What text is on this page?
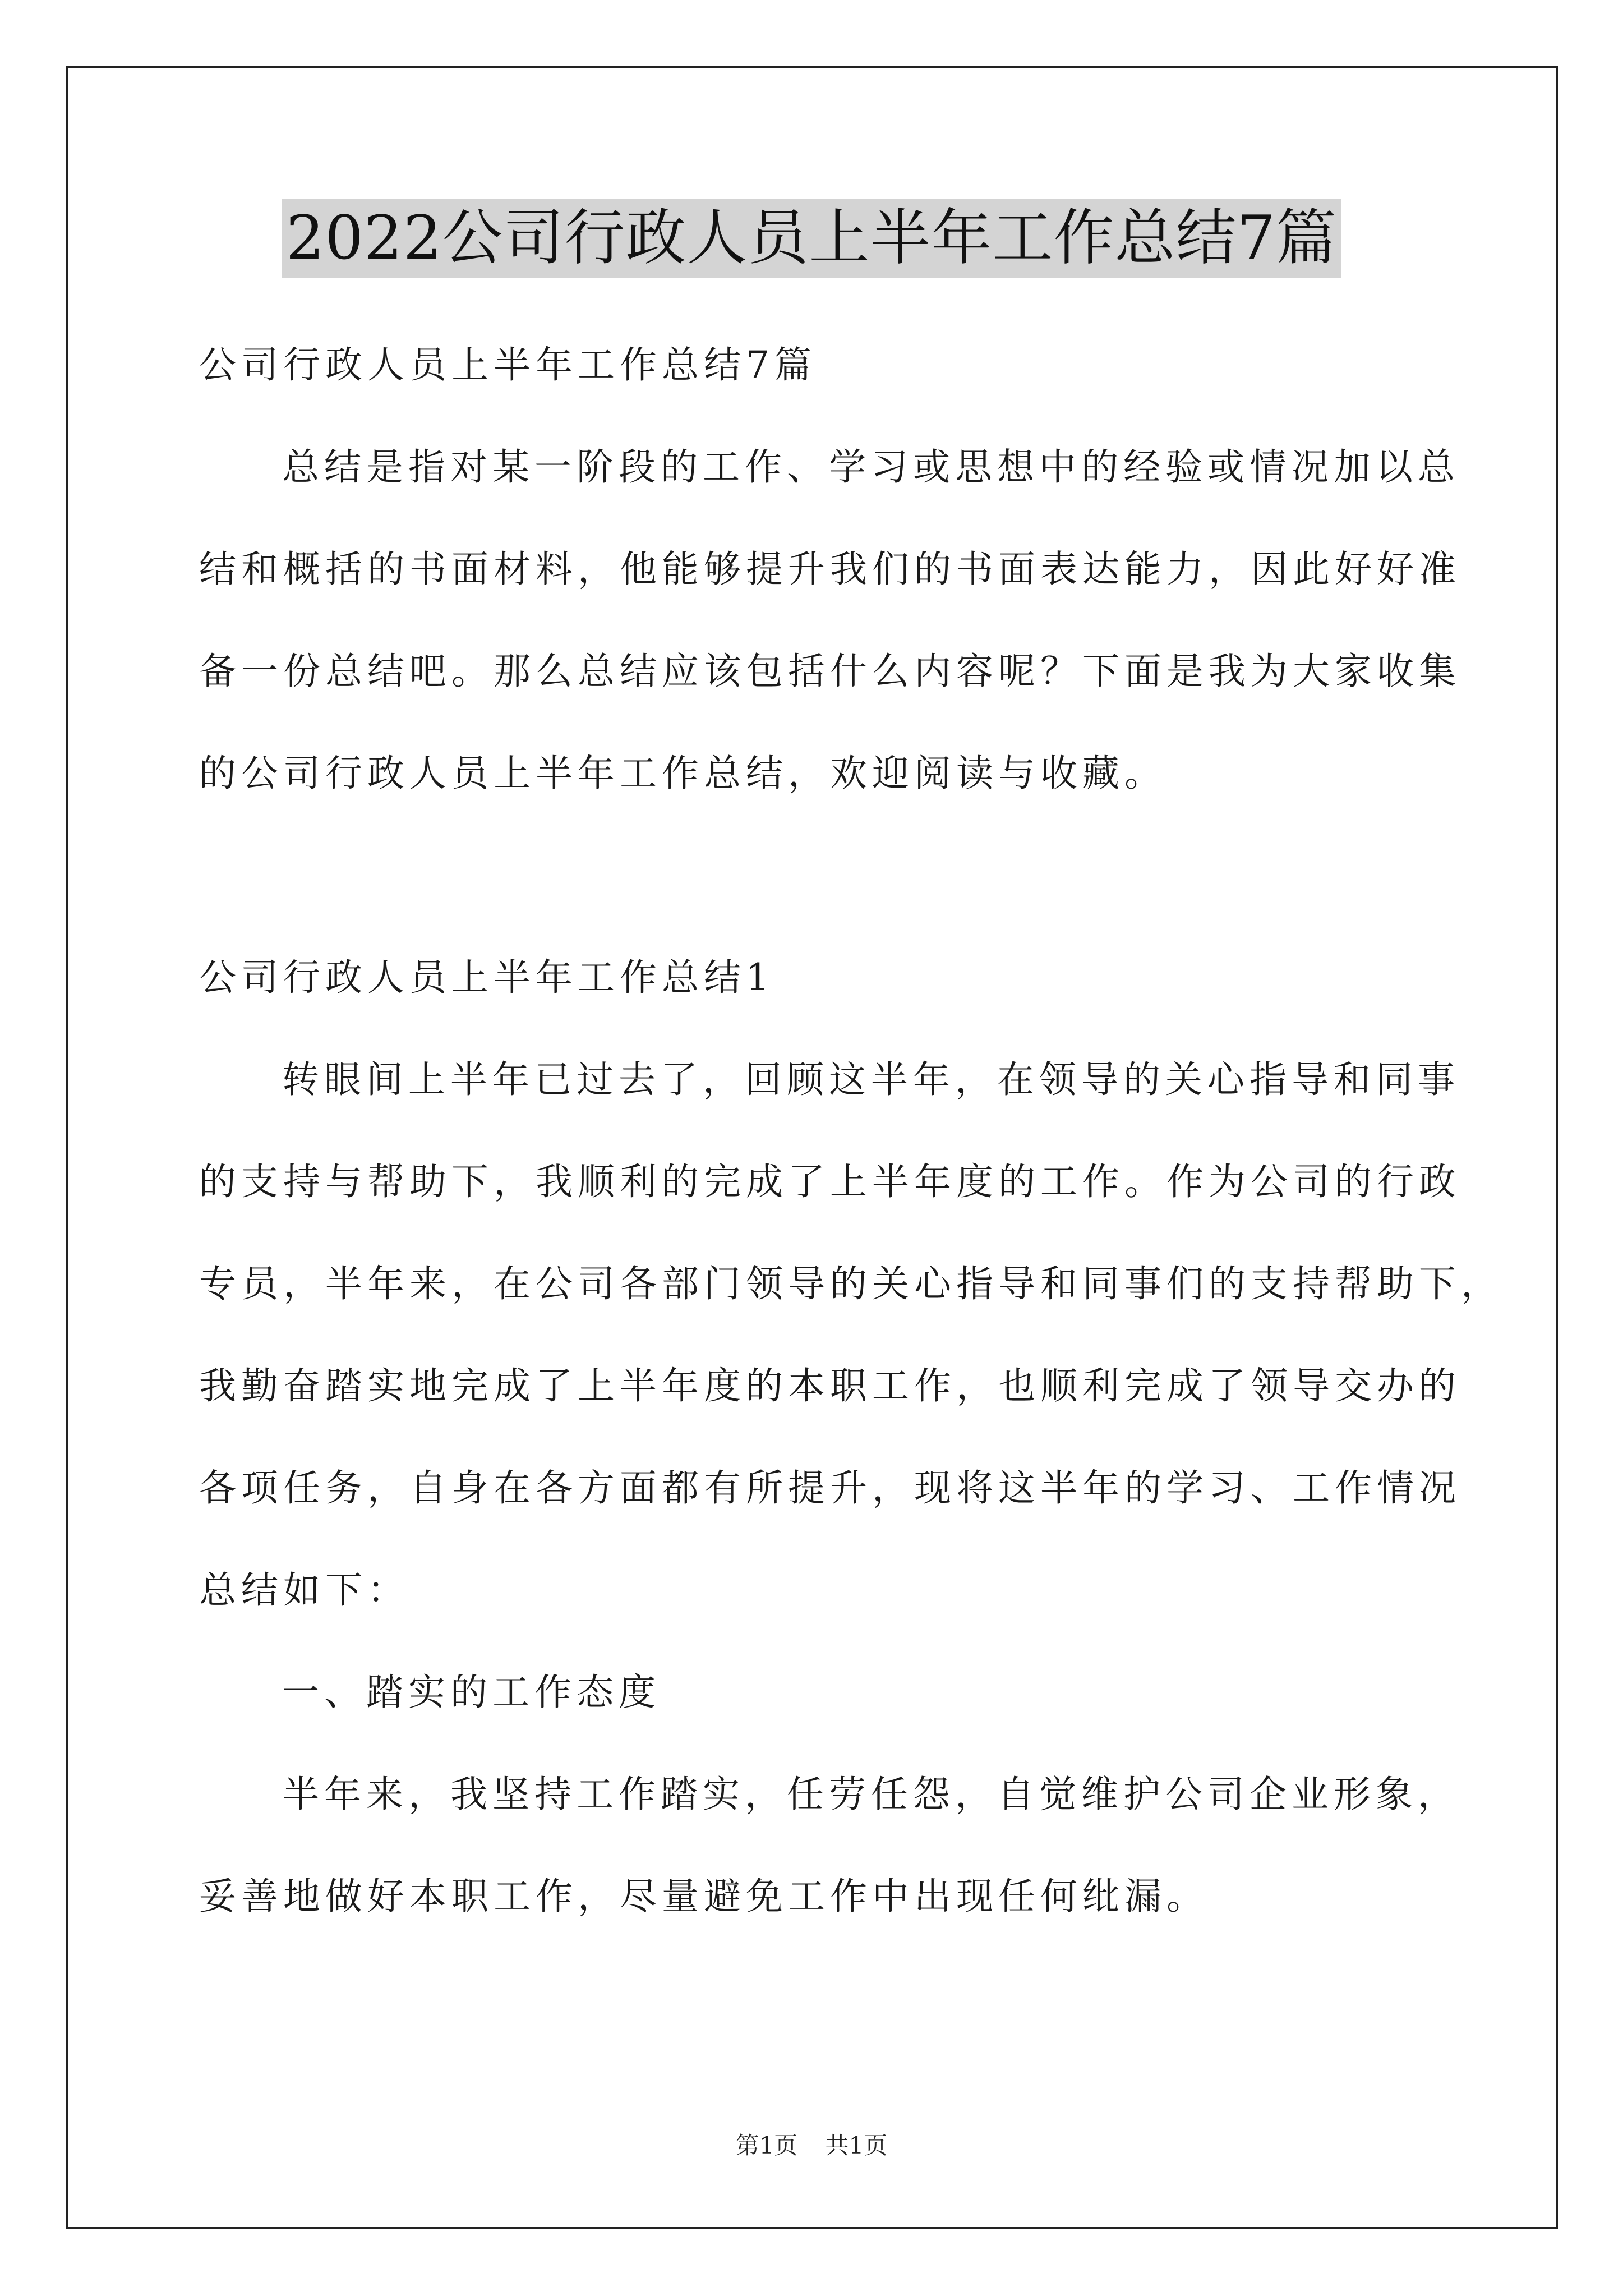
2022公司行政人员上半年工作总结7篇
公司行政人员上半年工作总结7篇
总结是指对某一阶段的工作、学习或思想中的经验或情况加以总
结和概括的书面材料，他能够提升我们的书面表达能力，因此好好准
备一份总结吧。那么总结应该包括什么内容呢？下面是我为大家收集
的公司行政人员上半年工作总结，欢迎阅读与收藏。
公司行政人员上半年工作总结1
转眼间上半年已过去了，回顾这半年，在领导的关心指导和同事
的支持与帮助下，我顺利的完成了上半年度的工作。作为公司的行政
专员，半年来，在公司各部门领导的关心指导和同事们的支持帮助下，
我勤奋踏实地完成了上半年度的本职工作，也顺利完成了领导交办的
各项任务，自身在各方面都有所提升，现将这半年的学习、工作情况
总结如下：
一、踏实的工作态度
半年来，我坚持工作踏实，任劳任怨，自觉维护公司企业形象，
妥善地做好本职工作，尽量避免工作中出现任何纰漏。
第1页 共1页
